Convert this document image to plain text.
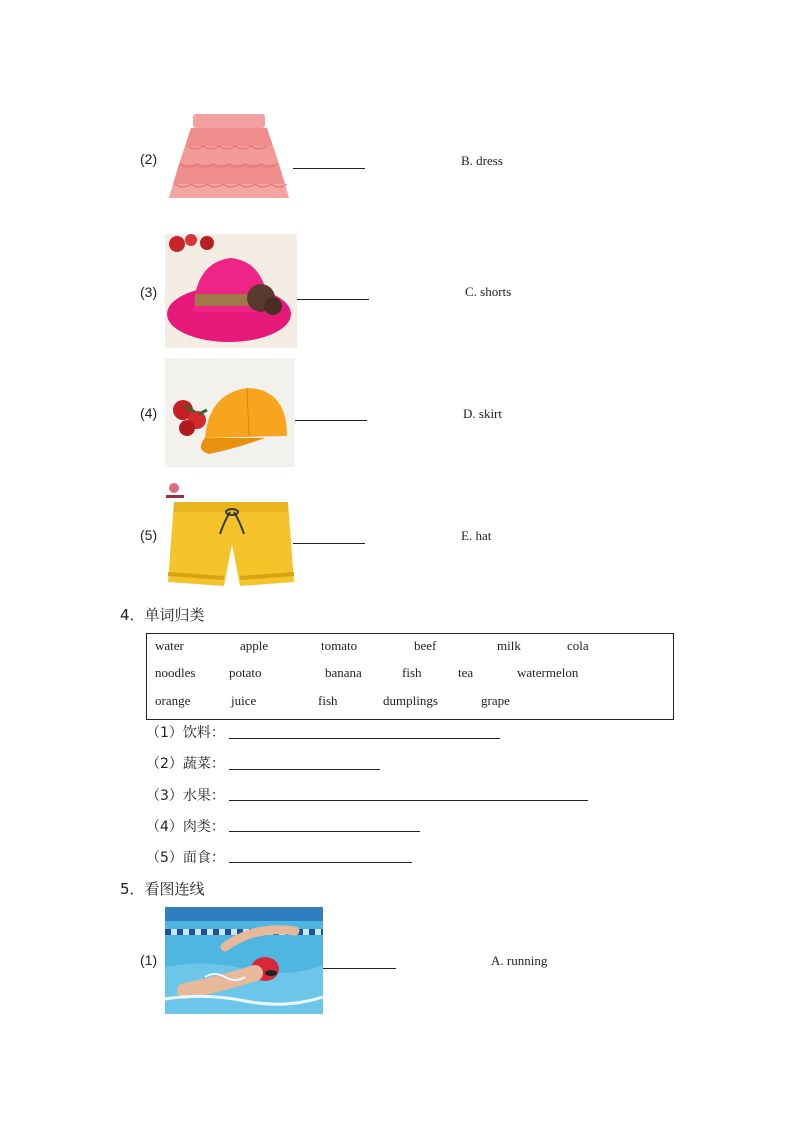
(2)	B. dress
(3)	C. shorts
(4)	D. skirt
(5)	E. hat
4．单词归类
water	apple	tomato	beef	milk	cola
noodles	potato	banana	fish	tea	watermelon
orange	juice	fish	dumplings	grape
（1）饮料：
（2）蔬菜：
（3）水果：
（4）肉类：
（5）面食：
5．看图连线
(1)	A. running
